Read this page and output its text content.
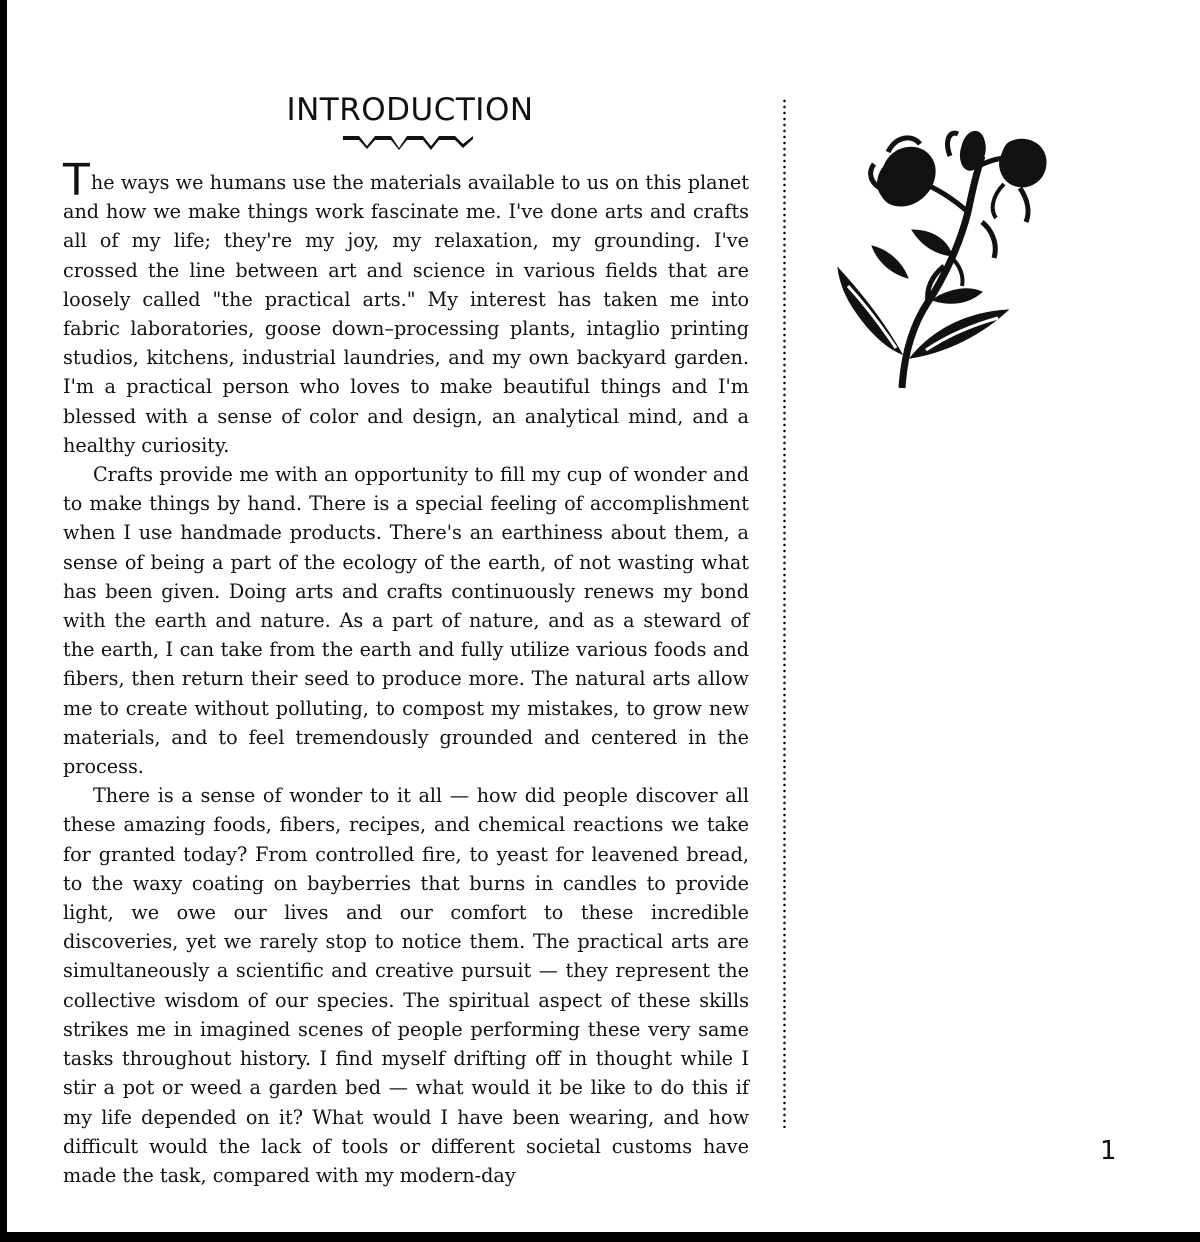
INTRODUCTION

The ways we humans use the materials available to us on this planet and how we make things work fascinate me. I've done arts and crafts all of my life; they're my joy, my relaxation, my grounding. I've crossed the line between art and science in various fields that are loosely called "the practical arts." My interest has taken me into fabric laboratories, goose down–processing plants, intaglio printing studios, kitchens, industrial laundries, and my own backyard garden. I'm a practical person who loves to make beautiful things and I'm blessed with a sense of color and design, an analytical mind, and a healthy curiosity.

Crafts provide me with an opportunity to fill my cup of wonder and to make things by hand. There is a special feeling of accomplishment when I use handmade products. There's an earthiness about them, a sense of being a part of the ecology of the earth, of not wasting what has been given. Doing arts and crafts continuously renews my bond with the earth and nature. As a part of nature, and as a steward of the earth, I can take from the earth and fully utilize various foods and fibers, then return their seed to produce more. The natural arts allow me to create without polluting, to compost my mistakes, to grow new materials, and to feel tremendously grounded and centered in the process.

There is a sense of wonder to it all — how did people discover all these amazing foods, fibers, recipes, and chemical reactions we take for granted today? From controlled fire, to yeast for leavened bread, to the waxy coating on bayberries that burns in candles to provide light, we owe our lives and our comfort to these incredible discoveries, yet we rarely stop to notice them. The practical arts are simultaneously a scientific and creative pursuit — they represent the collective wisdom of our species. The spiritual aspect of these skills strikes me in imagined scenes of people performing these very same tasks throughout history. I find myself drifting off in thought while I stir a pot or weed a garden bed — what would it be like to do this if my life depended on it? What would I have been wearing, and how difficult would the lack of tools or different societal customs have made the task, compared with my modern-day

1
